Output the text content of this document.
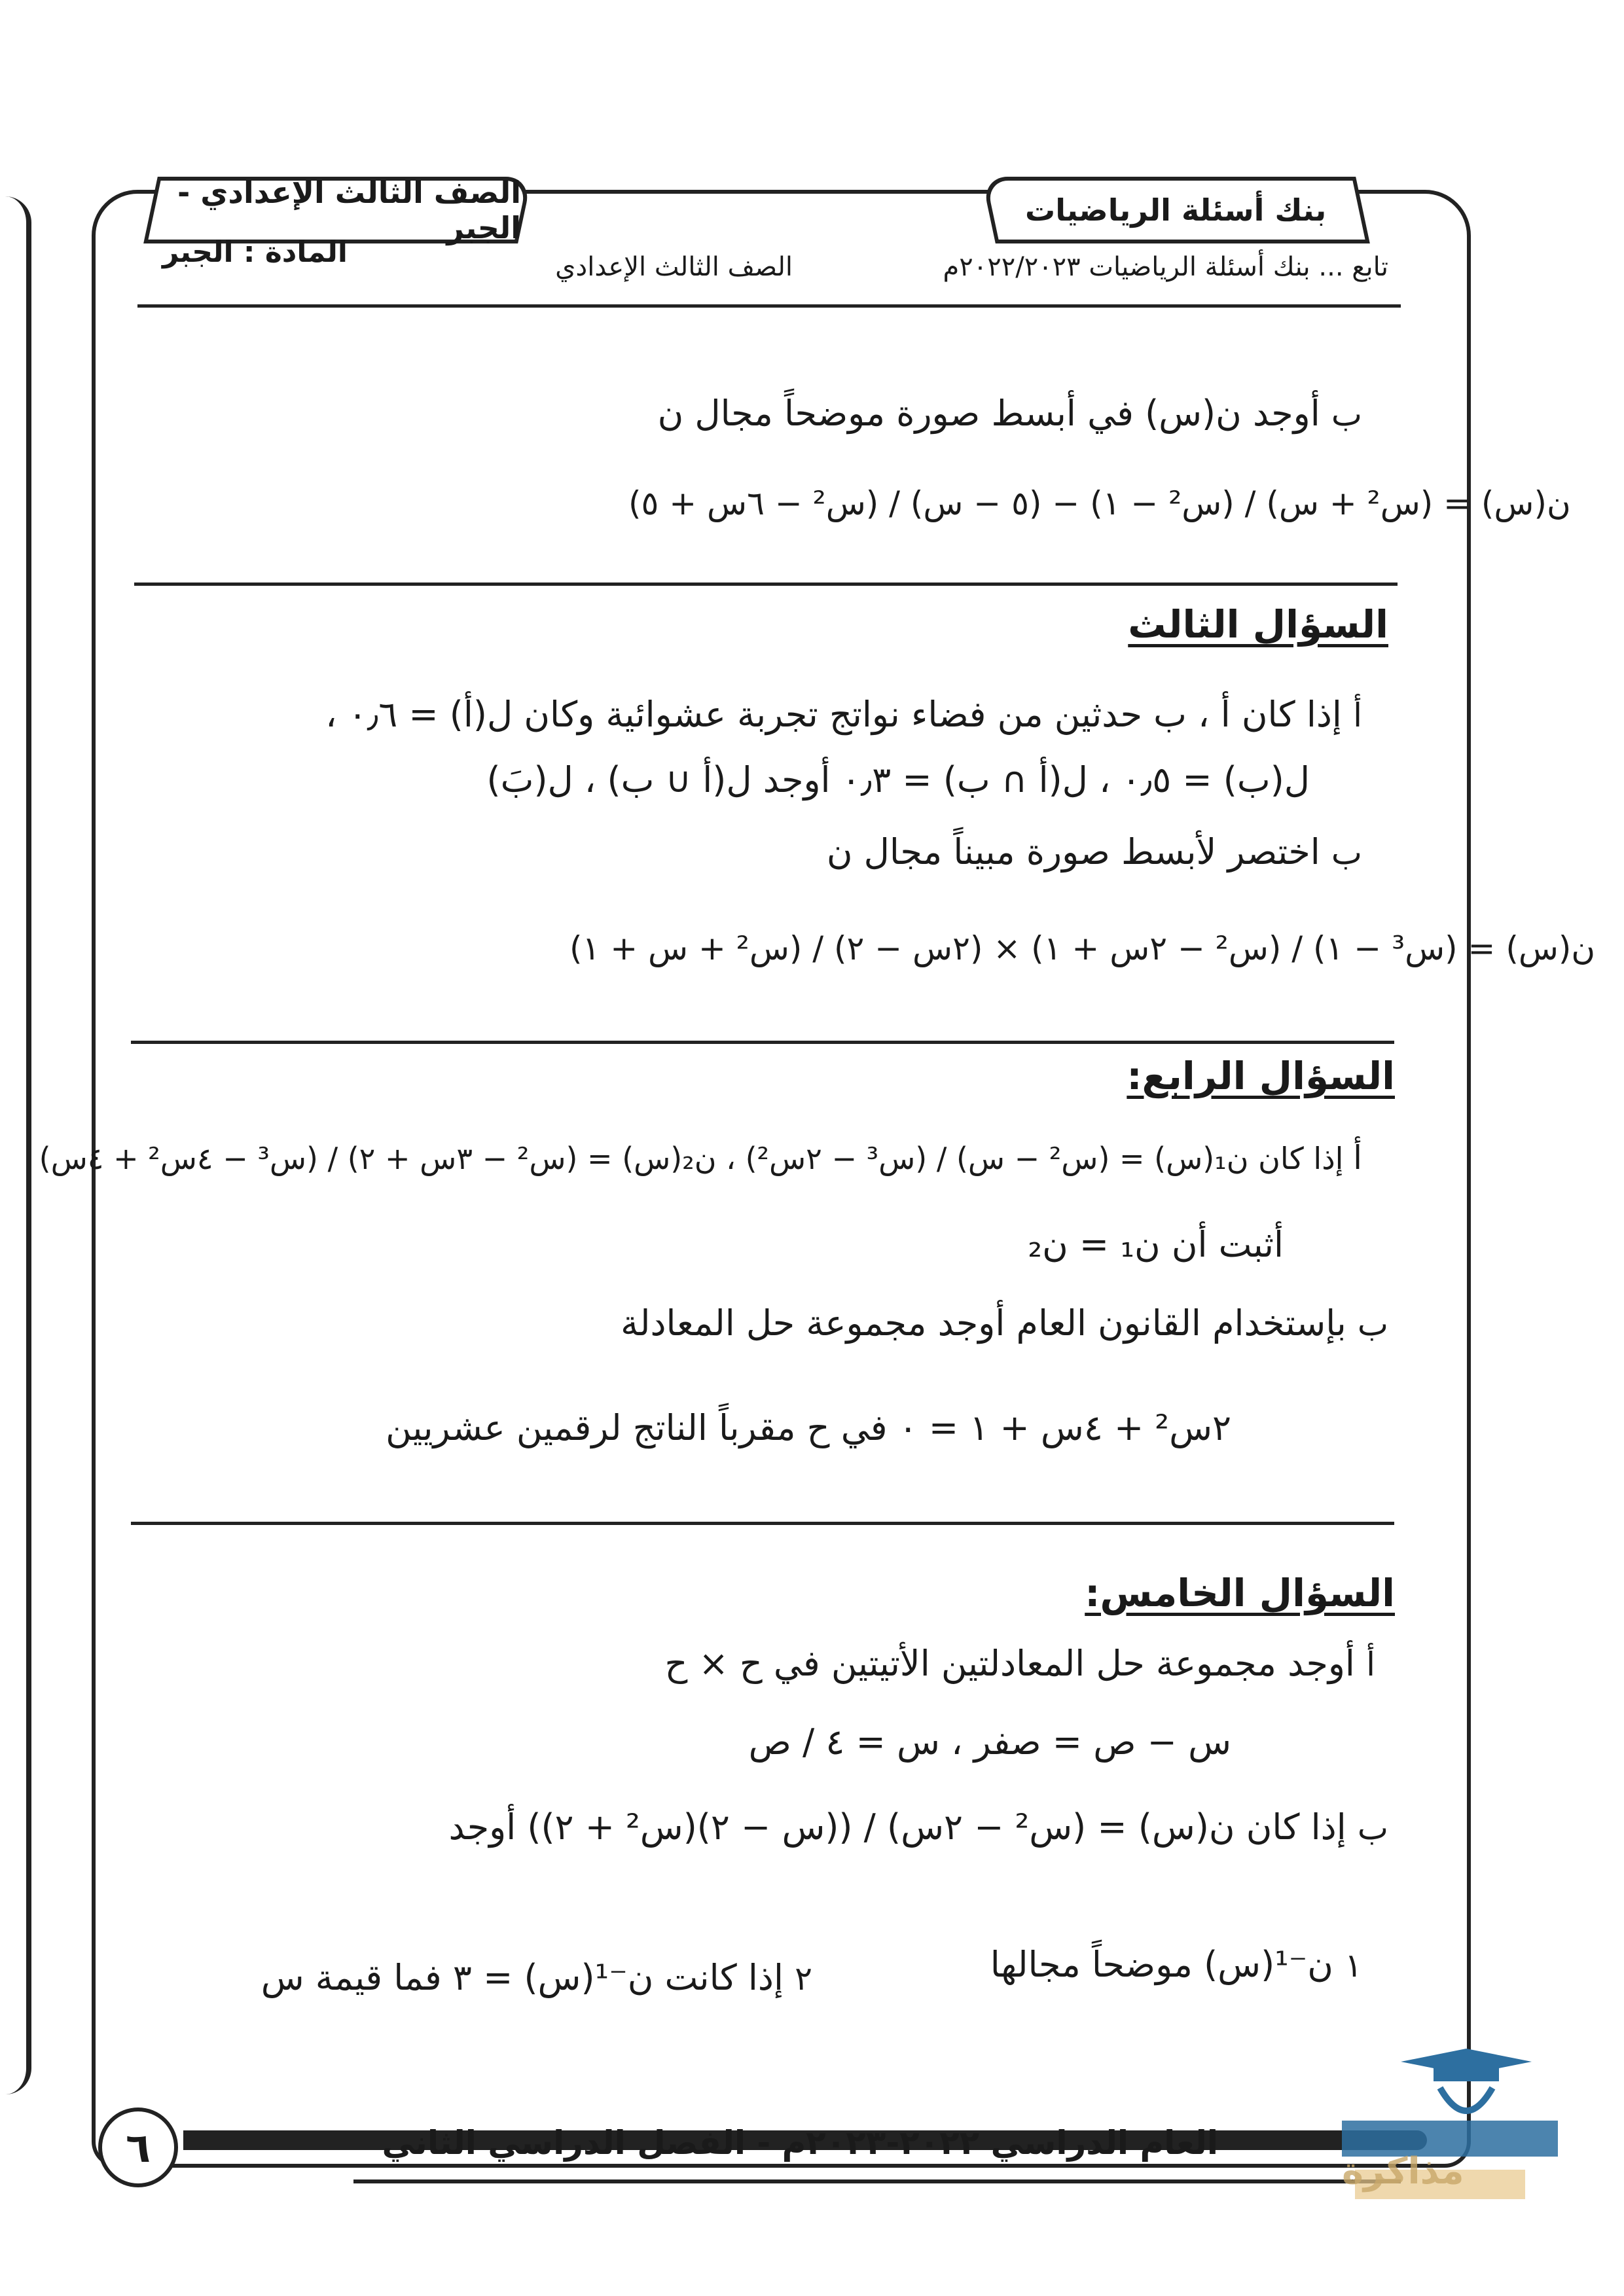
بنك أسئلة الرياضيات
الصف الثالث الإعدادي - الجبر
تابع ... بنك أسئلة الرياضيات ٢٠٢٢/٢٠٢٣م
الصف الثالث الإعدادي
المادة : الجبر
ب أوجد ن(س) في أبسط صورة موضحاً مجال ن
ن(س) = (س² + س) / (س² − ١) − (٥ − س) / (س² − ٦س + ٥)
السؤال الثالث
أ إذا كان أ ، ب حدثين من فضاء نواتج تجربة عشوائية وكان ل(أ) = ٠٫٦ ،
ل(ب) = ٠٫٥ ، ل(أ ∩ ب) = ٠٫٣ أوجد ل(أ ∪ ب) ، ل(بَ)
ب اختصر لأبسط صورة مبيناً مجال ن
ن(س) = (س³ − ١) / (س² − ٢س + ١) × (٢س − ٢) / (س² + س + ١)
السؤال الرابع:
أ إذا كان ن₁(س) = (س² − س) / (س³ − ٢س²) ، ن₂(س) = (س² − ٣س + ٢) / (س³ − ٤س² + ٤س)
أثبت أن ن₁ = ن₂
ب بإستخدام القانون العام أوجد مجموعة حل المعادلة
٢س² + ٤س + ١ = ٠ في ح مقرباً الناتج لرقمين عشريين
السؤال الخامس:
أ أوجد مجموعة حل المعادلتين الأتيتين في ح × ح
س − ص = صفر ، س = ٤ / ص
ب إذا كان ن(س) = (س² − ٢س) / ((س − ٢)(س² + ٢)) أوجد
١ ن⁻¹(س) موضحاً مجالها
٢ إذا كانت ن⁻¹(س) = ٣ فما قيمة س
العام الدراسي ٢٠٢٢-٢٠٢٣م - الفصل الدراسي الثاني
٦	مذاكرة
